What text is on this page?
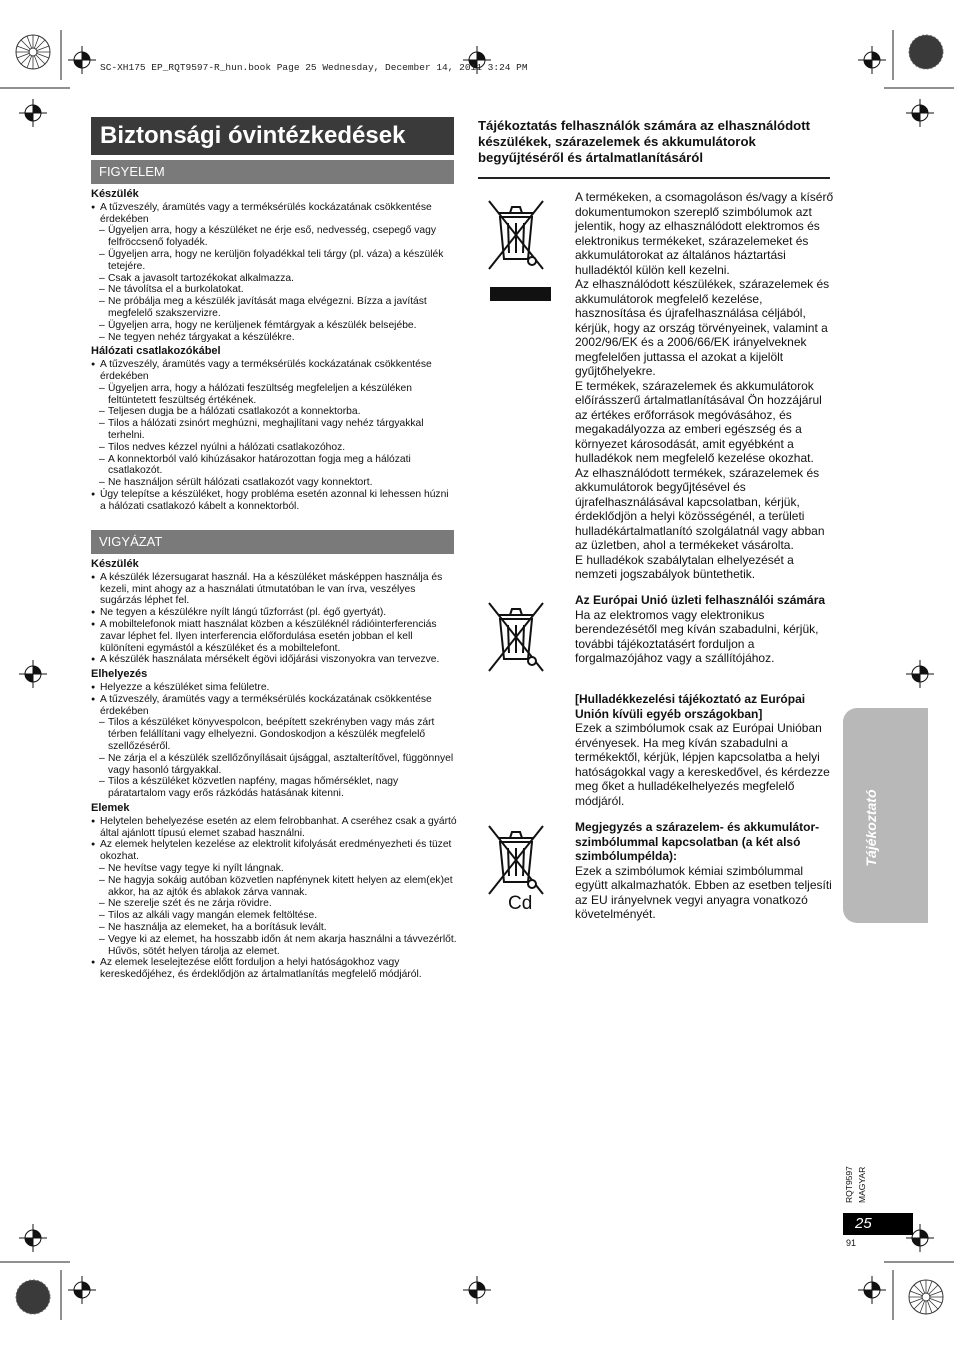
SC-XH175 EP_RQT9597-R_hun.book Page 25 Wednesday, December 14, 2011 3:24 PM
Biztonsági óvintézkedések
FIGYELEM
Készülék
● A tűzveszély, áramütés vagy a terméksérülés kockázatának csökkentése érdekében
– Ügyeljen arra, hogy a készüléket ne érje eső, nedvesség, csepegő vagy felfröccsenő folyadék.
– Ügyeljen arra, hogy ne kerüljön folyadékkal teli tárgy (pl. váza) a készülék tetejére.
– Csak a javasolt tartozékokat alkalmazza.
– Ne távolítsa el a burkolatokat.
– Ne próbálja meg a készülék javítását maga elvégezni. Bízza a javítást megfelelő szakszervizre.
– Ügyeljen arra, hogy ne kerüljenek fémtárgyak a készülék belsejébe.
– Ne tegyen nehéz tárgyakat a készülékre.
Hálózati csatlakozókábel
● A tűzveszély, áramütés vagy a terméksérülés kockázatának csökkentése érdekében
– Ügyeljen arra, hogy a hálózati feszültség megfeleljen a készüléken feltüntetett feszültség értékének.
– Teljesen dugja be a hálózati csatlakozót a konnektorba.
– Tilos a hálózati zsinórt meghúzni, meghajlítani vagy nehéz tárgyakkal terhelni.
– Tilos nedves kézzel nyúlni a hálózati csatlakozóhoz.
– A konnektorból való kihúzásakor határozottan fogja meg a hálózati csatlakozót.
– Ne használjon sérült hálózati csatlakozót vagy konnektort.
● Úgy telepítse a készüléket, hogy probléma esetén azonnal ki lehessen húzni a hálózati csatlakozó kábelt a konnektorból.
VIGYÁZAT
Készülék
● A készülék lézersugarat használ. Ha a készüléket másképpen használja és kezeli, mint ahogy az a használati útmutatóban le van írva, veszélyes sugárzás léphet fel.
● Ne tegyen a készülékre nyílt lángú tűzforrást (pl. égő gyertyát).
● A mobiltelefonok miatt használat közben a készüléknél rádióinterferenciás zavar léphet fel. Ilyen interferencia előfordulása esetén jobban el kell különíteni egymástól a készüléket és a mobiltelefont.
● A készülék használata mérsékelt égövi időjárási viszonyokra van tervezve.
Elhelyezés
● Helyezze a készüléket sima felületre.
● A tűzveszély, áramütés vagy a terméksérülés kockázatának csökkentése érdekében
– Tilos a készüléket könyvespolcon, beépített szekrényben vagy más zárt térben felállítani vagy elhelyezni. Gondoskodjon a készülék megfelelő szellőzéséről.
– Ne zárja el a készülék szellőzőnyílásait újsággal, asztalterítővel, függönnyel vagy hasonló tárgyakkal.
– Tilos a készüléket közvetlen napfény, magas hőmérséklet, nagy páratartalom vagy erős rázkódás hatásának kitenni.
Elemek
● Helytelen behelyezése esetén az elem felrobbanhat. A cseréhez csak a gyártó által ajánlott típusú elemet szabad használni.
● Az elemek helytelen kezelése az elektrolit kifolyását eredményezheti és tüzet okozhat.
– Ne hevítse vagy tegye ki nyílt lángnak.
– Ne hagyja sokáig autóban közvetlen napfénynek kitett helyen az elem(ek)et akkor, ha az ajtók és ablakok zárva vannak.
– Ne szerelje szét és ne zárja rövidre.
– Tilos az alkáli vagy mangán elemek feltöltése.
– Ne használja az elemeket, ha a borításuk levált.
– Vegye ki az elemet, ha hosszabb időn át nem akarja használni a távvezérlőt. Hűvös, sötét helyen tárolja az elemet.
● Az elemek leselejtezése előtt forduljon a helyi hatóságokhoz vagy kereskedőjéhez, és érdeklődjön az ártalmatlanítás megfelelő módjáról.
Tájékoztatás felhasználók számára az elhasználódott készülékek, szárazelemek és akkumulátorok begyűjtéséről és ártalmatlanításáról
A termékeken, a csomagoláson és/vagy a kísérő dokumentumokon szereplő szimbólumok azt jelentik, hogy az elhasználódott elektromos és elektronikus termékeket, szárazelemeket és akkumulátorokat az általános háztartási hulladéktól külön kell kezelni.
Az elhasználódott készülékek, szárazelemek és akkumulátorok megfelelő kezelése, hasznosítása és újrafelhasználása céljából, kérjük, hogy az ország törvényeinek, valamint a 2002/96/EK és a 2006/66/EK irányelveknek megfelelően juttassa el azokat a kijelölt gyűjtőhelyekre.
E termékek, szárazelemek és akkumulátorok előírásszerű ártalmatlanításával Ön hozzájárul az értékes erőforrások megóvásához, és megakadályozza az emberi egészség és a környezet károsodását, amit egyébként a hulladékok nem megfelelő kezelése okozhat.
Az elhasználódott termékek, szárazelemek és akkumulátorok begyűjtésével és újrafelhasználásával kapcsolatban, kérjük, érdeklődjön a helyi közösségénél, a területi hulladékártalmatlanító szolgálatnál vagy abban az üzletben, ahol a termékeket vásárolta.
E hulladékok szabálytalan elhelyezését a nemzeti jogszabályok büntethetik.
Az Európai Unió üzleti felhasználói számára
Ha az elektromos vagy elektronikus berendezésétől meg kíván szabadulni, kérjük, további tájékoztatásért forduljon a forgalmazójához vagy a szállítójához.
[Hulladékkezelési tájékoztató az Európai Unión kívüli egyéb országokban]
Ezek a szimbólumok csak az Európai Unióban érvényesek. Ha meg kíván szabadulni a termékektől, kérjük, lépjen kapcsolatba a helyi hatóságokkal vagy a kereskedővel, és kérdezze meg őket a hulladékelhelyezés megfelelő módjáról.
Cd
Megjegyzés a szárazelem- és akkumulátor-szimbólummal kapcsolatban (a két alsó szimbólumpélda):
Ezek a szimbólumok kémiai szimbólummal együtt alkalmazhatók. Ebben az esetben teljesíti az EU irányelvnek vegyi anyagra vonatkozó követelményét.
Tájékoztató
RQT9597 MAGYAR
25
91
